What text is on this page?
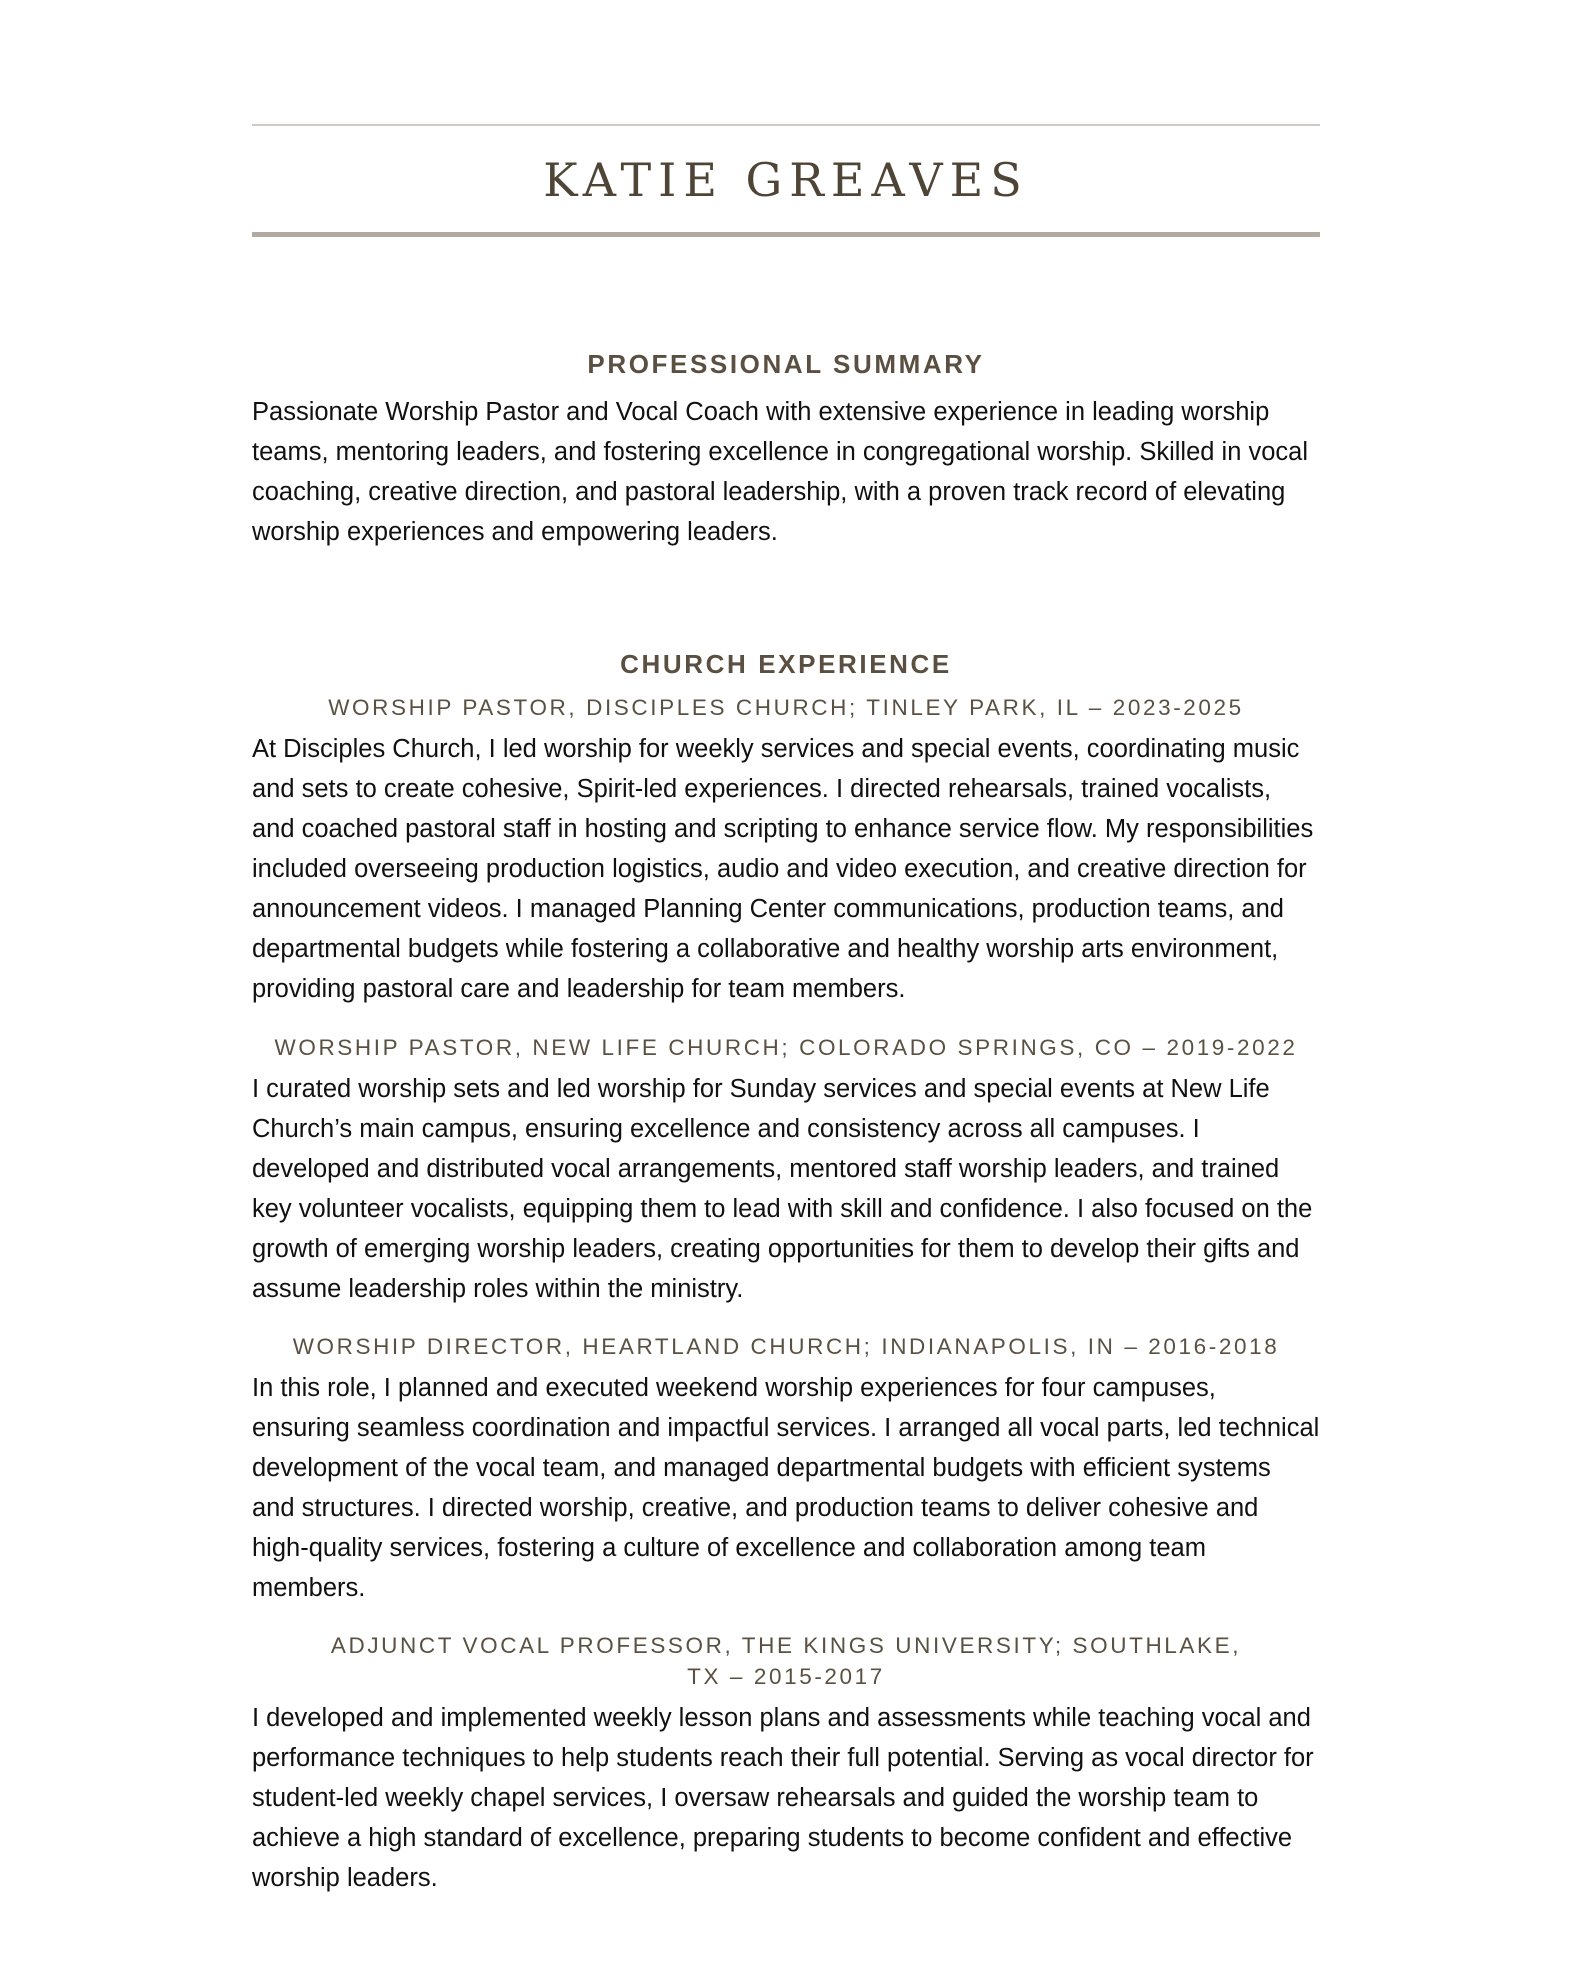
KATIE GREAVES
PROFESSIONAL SUMMARY

Passionate Worship Pastor and Vocal Coach with extensive experience in leading worship teams, mentoring leaders, and fostering excellence in congregational worship. Skilled in vocal coaching, creative direction, and pastoral leadership, with a proven track record of elevating worship experiences and empowering leaders.

CHURCH EXPERIENCE
WORSHIP PASTOR, DISCIPLES CHURCH; TINLEY PARK, IL – 2023-2025

At Disciples Church, I led worship for weekly services and special events, coordinating music and sets to create cohesive, Spirit-led experiences. I directed rehearsals, trained vocalists, and coached pastoral staff in hosting and scripting to enhance service flow. My responsibilities included overseeing production logistics, audio and video execution, and creative direction for announcement videos. I managed Planning Center communications, production teams, and departmental budgets while fostering a collaborative and healthy worship arts environment, providing pastoral care and leadership for team members.

WORSHIP PASTOR, NEW LIFE CHURCH; COLORADO SPRINGS, CO – 2019-2022

I curated worship sets and led worship for Sunday services and special events at New Life Church’s main campus, ensuring excellence and consistency across all campuses. I developed and distributed vocal arrangements, mentored staff worship leaders, and trained key volunteer vocalists, equipping them to lead with skill and confidence. I also focused on the growth of emerging worship leaders, creating opportunities for them to develop their gifts and assume leadership roles within the ministry.

WORSHIP DIRECTOR, HEARTLAND CHURCH; INDIANAPOLIS, IN – 2016-2018

In this role, I planned and executed weekend worship experiences for four campuses, ensuring seamless coordination and impactful services. I arranged all vocal parts, led technical development of the vocal team, and managed departmental budgets with efficient systems and structures. I directed worship, creative, and production teams to deliver cohesive and high-quality services, fostering a culture of excellence and collaboration among team members.

ADJUNCT VOCAL PROFESSOR, THE KINGS UNIVERSITY; SOUTHLAKE, TX – 2015-2017

I developed and implemented weekly lesson plans and assessments while teaching vocal and performance techniques to help students reach their full potential. Serving as vocal director for student-led weekly chapel services, I oversaw rehearsals and guided the worship team to achieve a high standard of excellence, preparing students to become confident and effective worship leaders.
